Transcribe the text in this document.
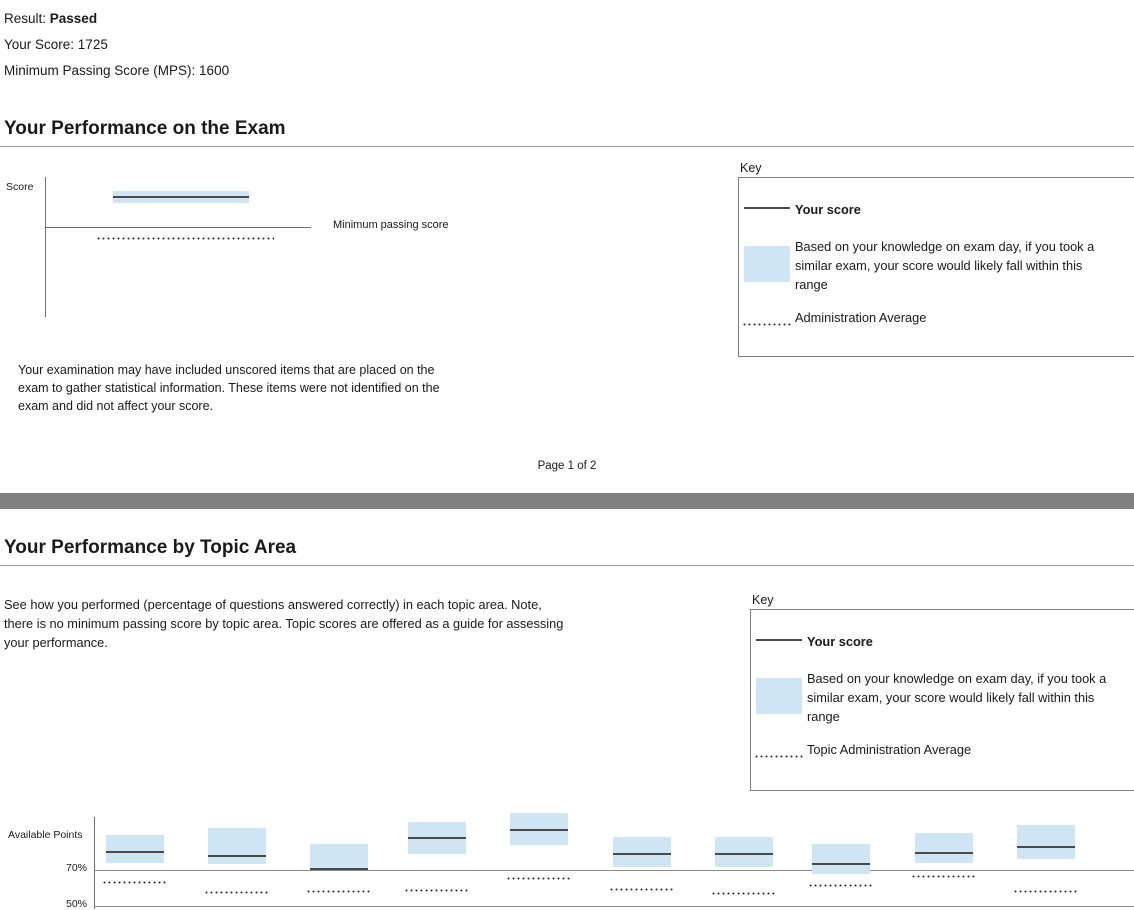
Result: Passed
Your Score: 1725
Minimum Passing Score (MPS): 1600
Your Performance on the Exam
Score
Minimum passing score
Your examination may have included unscored items that are placed on the exam to gather statistical information. These items were not identified on the exam and did not affect your score.
Key
Your score
Based on your knowledge on exam day, if you took a similar exam, your score would likely fall within this range
Administration Average
Page 1 of 2
Your Performance by Topic Area
See how you performed (percentage of questions answered correctly) in each topic area. Note, there is no minimum passing score by topic area. Topic scores are offered as a guide for assessing your performance.
Key
Your score
Based on your knowledge on exam day, if you took a similar exam, your score would likely fall within this range
Topic Administration Average
Available Points
70%
50%
